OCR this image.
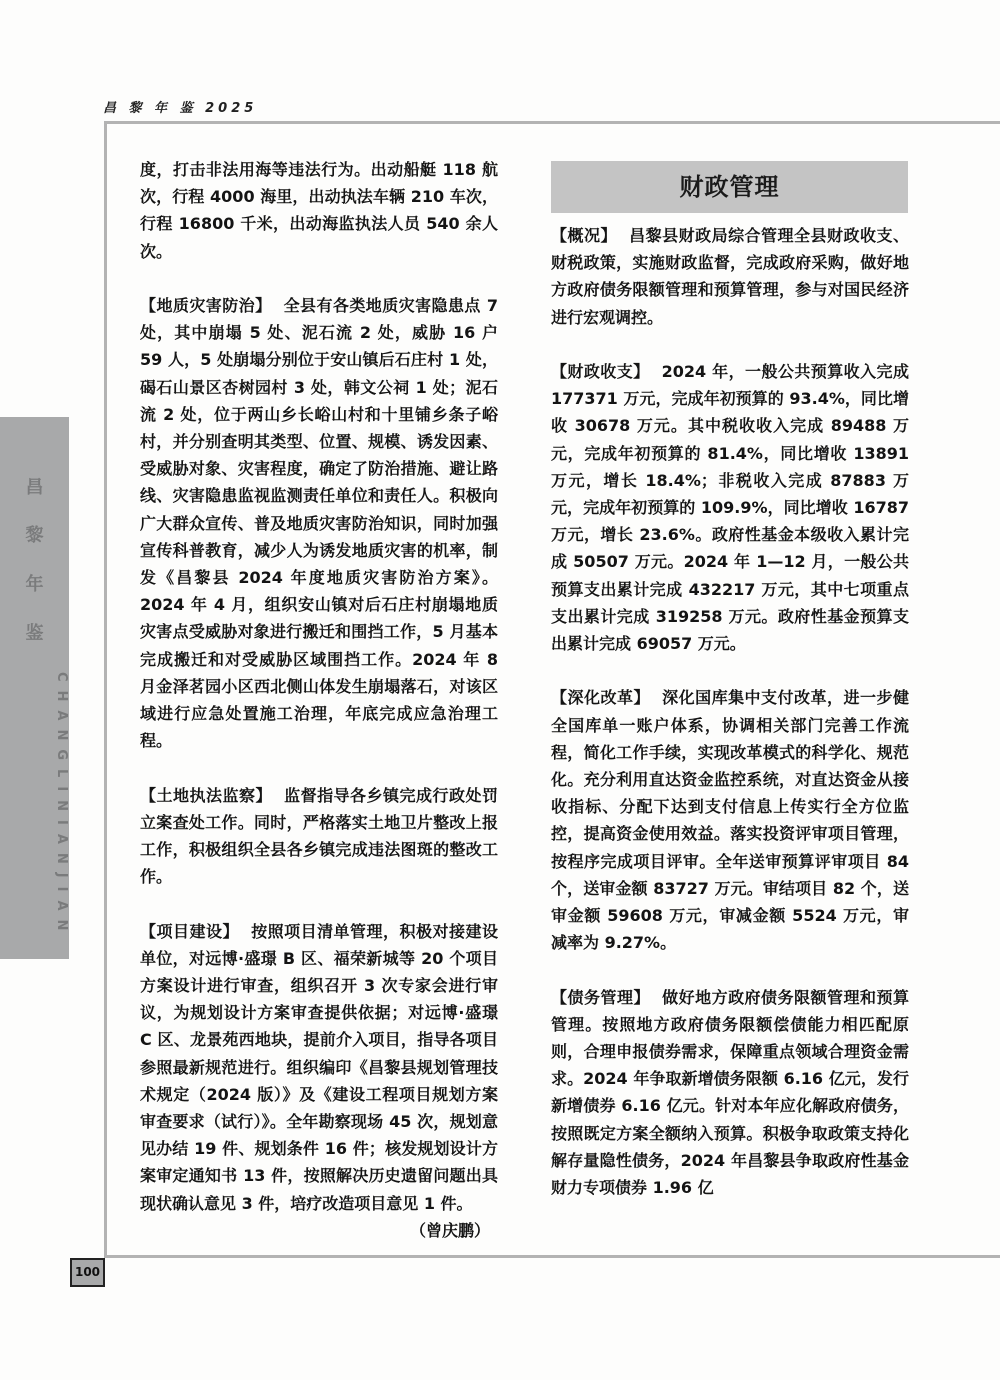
昌 黎 年 鉴 2025
昌
黎
年
鉴
CHANGLINIANJIAN
100

度，打击非法用海等违法行为。出动船艇 118 航次，行程 4000 海里，出动执法车辆 210 车次，行程 16800 千米，出动海监执法人员 540 余人次。

【地质灾害防治】 全县有各类地质灾害隐患点 7 处，其中崩塌 5 处、泥石流 2 处，威胁 16 户 59 人，5 处崩塌分别位于安山镇后石庄村 1 处，碣石山景区杏树园村 3 处，韩文公祠 1 处；泥石流 2 处，位于两山乡长峪山村和十里铺乡条子峪村，并分别查明其类型、位置、规模、诱发因素、受威胁对象、灾害程度，确定了防治措施、避让路线、灾害隐患监视监测责任单位和责任人。积极向广大群众宣传、普及地质灾害防治知识，同时加强宣传科普教育，减少人为诱发地质灾害的机率，制发《昌黎县 2024 年度地质灾害防治方案》。2024 年 4 月，组织安山镇对后石庄村崩塌地质灾害点受威胁对象进行搬迁和围挡工作，5 月基本完成搬迁和对受威胁区域围挡工作。2024 年 8 月金泽茗园小区西北侧山体发生崩塌落石，对该区域进行应急处置施工治理，年底完成应急治理工程。

【土地执法监察】 监督指导各乡镇完成行政处罚立案查处工作。同时，严格落实土地卫片整改上报工作，积极组织全县各乡镇完成违法图斑的整改工作。

【项目建设】 按照项目清单管理，积极对接建设单位，对远博·盛璟 B 区、福荣新城等 20 个项目方案设计进行审查，组织召开 3 次专家会进行审议，为规划设计方案审查提供依据；对远博·盛璟 C 区、龙景苑西地块，提前介入项目，指导各项目参照最新规范进行。组织编印《昌黎县规划管理技术规定（2024 版）》及《建设工程项目规划方案审查要求（试行）》。全年勘察现场 45 次，规划意见办结 19 件、规划条件 16 件；核发规划设计方案审定通知书 13 件，按照解决历史遗留问题出具现状确认意见 3 件，培疗改造项目意见 1 件。

（曾庆鹏）

财政管理

【概况】 昌黎县财政局综合管理全县财政收支、财税政策，实施财政监督，完成政府采购，做好地方政府债务限额管理和预算管理，参与对国民经济进行宏观调控。

【财政收支】 2024 年，一般公共预算收入完成 177371 万元，完成年初预算的 93.4%，同比增收 30678 万元。其中税收收入完成 89488 万元，完成年初预算的 81.4%，同比增收 13891 万元，增长 18.4%；非税收入完成 87883 万元，完成年初预算的 109.9%，同比增收 16787 万元，增长 23.6%。政府性基金本级收入累计完成 50507 万元。2024 年 1—12 月，一般公共预算支出累计完成 432217 万元，其中七项重点支出累计完成 319258 万元。政府性基金预算支出累计完成 69057 万元。

【深化改革】 深化国库集中支付改革，进一步健全国库单一账户体系，协调相关部门完善工作流程，简化工作手续，实现改革模式的科学化、规范化。充分利用直达资金监控系统，对直达资金从接收指标、分配下达到支付信息上传实行全方位监控，提高资金使用效益。落实投资评审项目管理，按程序完成项目评审。全年送审预算评审项目 84 个，送审金额 83727 万元。审结项目 82 个，送审金额 59608 万元，审减金额 5524 万元，审减率为 9.27%。

【债务管理】 做好地方政府债务限额管理和预算管理。按照地方政府债务限额偿债能力相匹配原则，合理申报债券需求，保障重点领域合理资金需求。2024 年争取新增债务限额 6.16 亿元，发行新增债券 6.16 亿元。针对本年应化解政府债务，按照既定方案全额纳入预算。积极争取政策支持化解存量隐性债务，2024 年昌黎县争取政府性基金财力专项债券 1.96 亿
